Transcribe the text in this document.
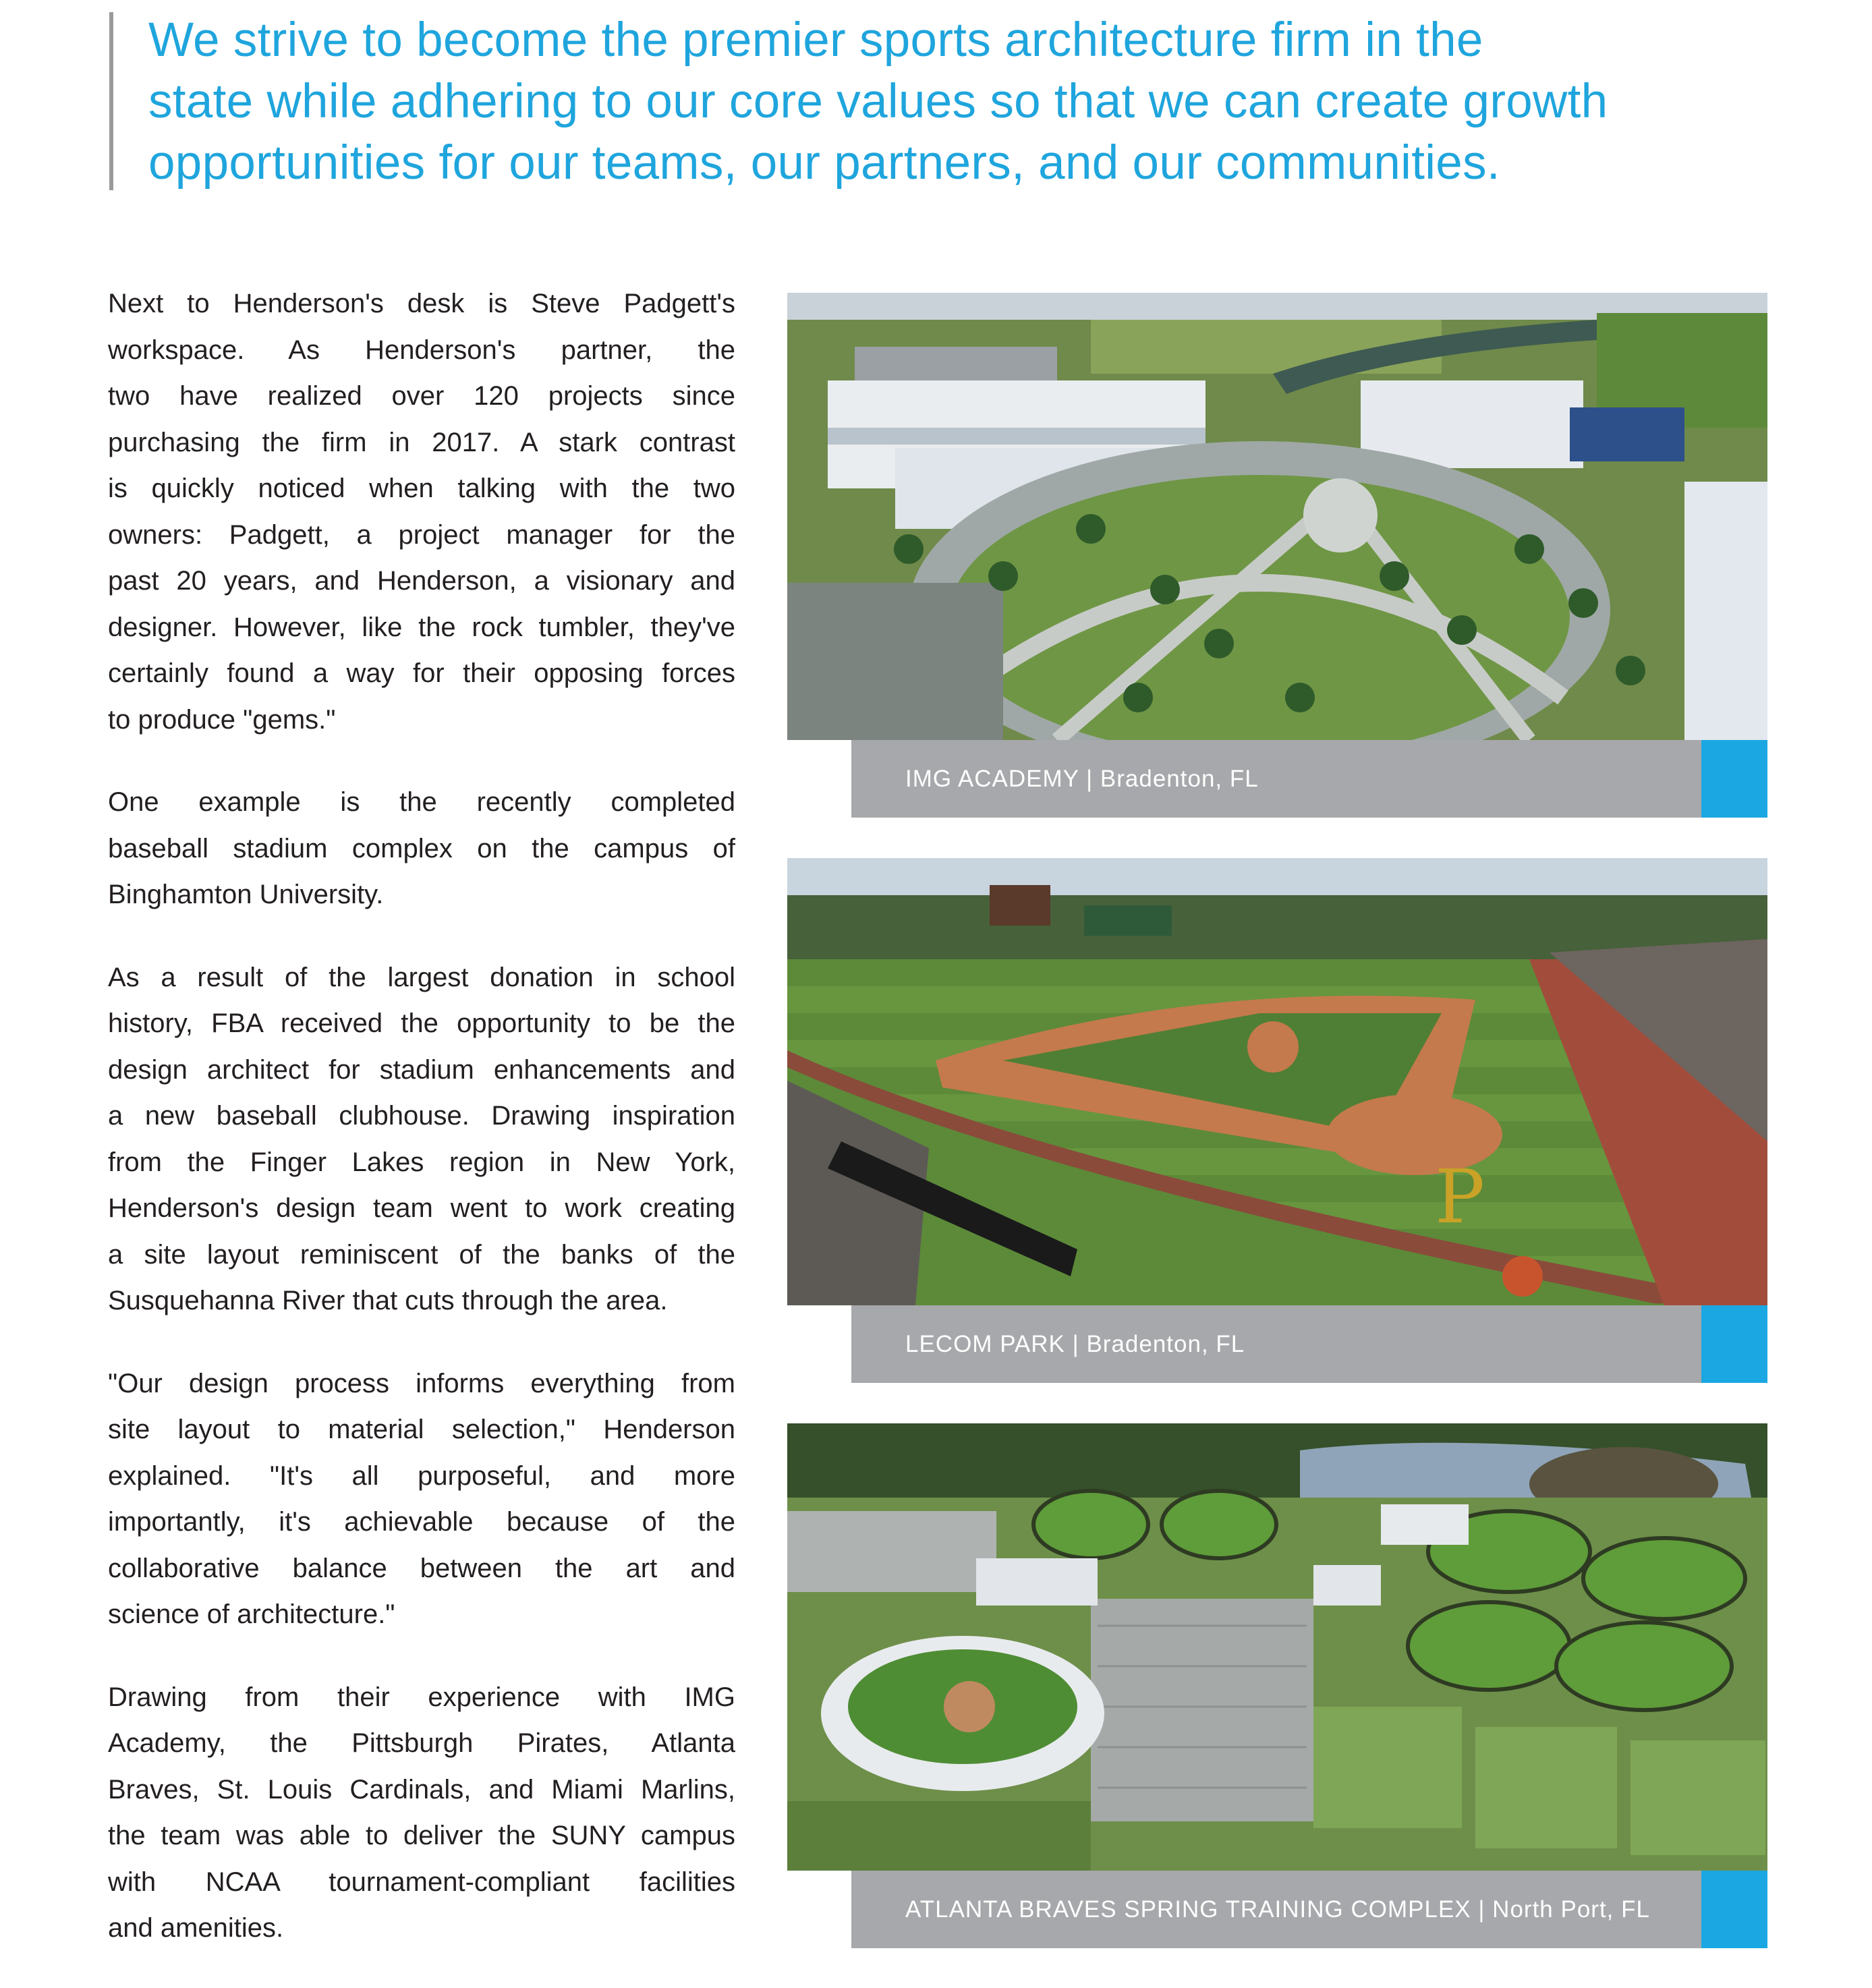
We strive to become the premier sports architecture firm in the
state while adhering to our core values so that we can create growth
opportunities for our teams, our partners, and our communities.

Next to Henderson's desk is Steve Padgett's
workspace. As Henderson's partner, the
two have realized over 120 projects since
purchasing the firm in 2017. A stark contrast
is quickly noticed when talking with the two
owners: Padgett, a project manager for the
past 20 years, and Henderson, a visionary and
designer. However, like the rock tumbler, they've
certainly found a way for their opposing forces
to produce "gems."

One example is the recently completed
baseball stadium complex on the campus of
Binghamton University.

As a result of the largest donation in school
history, FBA received the opportunity to be the
design architect for stadium enhancements and
a new baseball clubhouse. Drawing inspiration
from the Finger Lakes region in New York,
Henderson's design team went to work creating
a site layout reminiscent of the banks of the
Susquehanna River that cuts through the area.

"Our design process informs everything from
site layout to material selection," Henderson
explained. "It's all purposeful, and more
importantly, it's achievable because of the
collaborative balance between the art and
science of architecture."

Drawing from their experience with IMG
Academy, the Pittsburgh Pirates, Atlanta
Braves, St. Louis Cardinals, and Miami Marlins,
the team was able to deliver the SUNY campus
with NCAA tournament-compliant facilities
and amenities.

IMG ACADEMY | Bradenton, FL
P
LECOM PARK | Bradenton, FL
ATLANTA BRAVES SPRING TRAINING COMPLEX | North Port, FL
